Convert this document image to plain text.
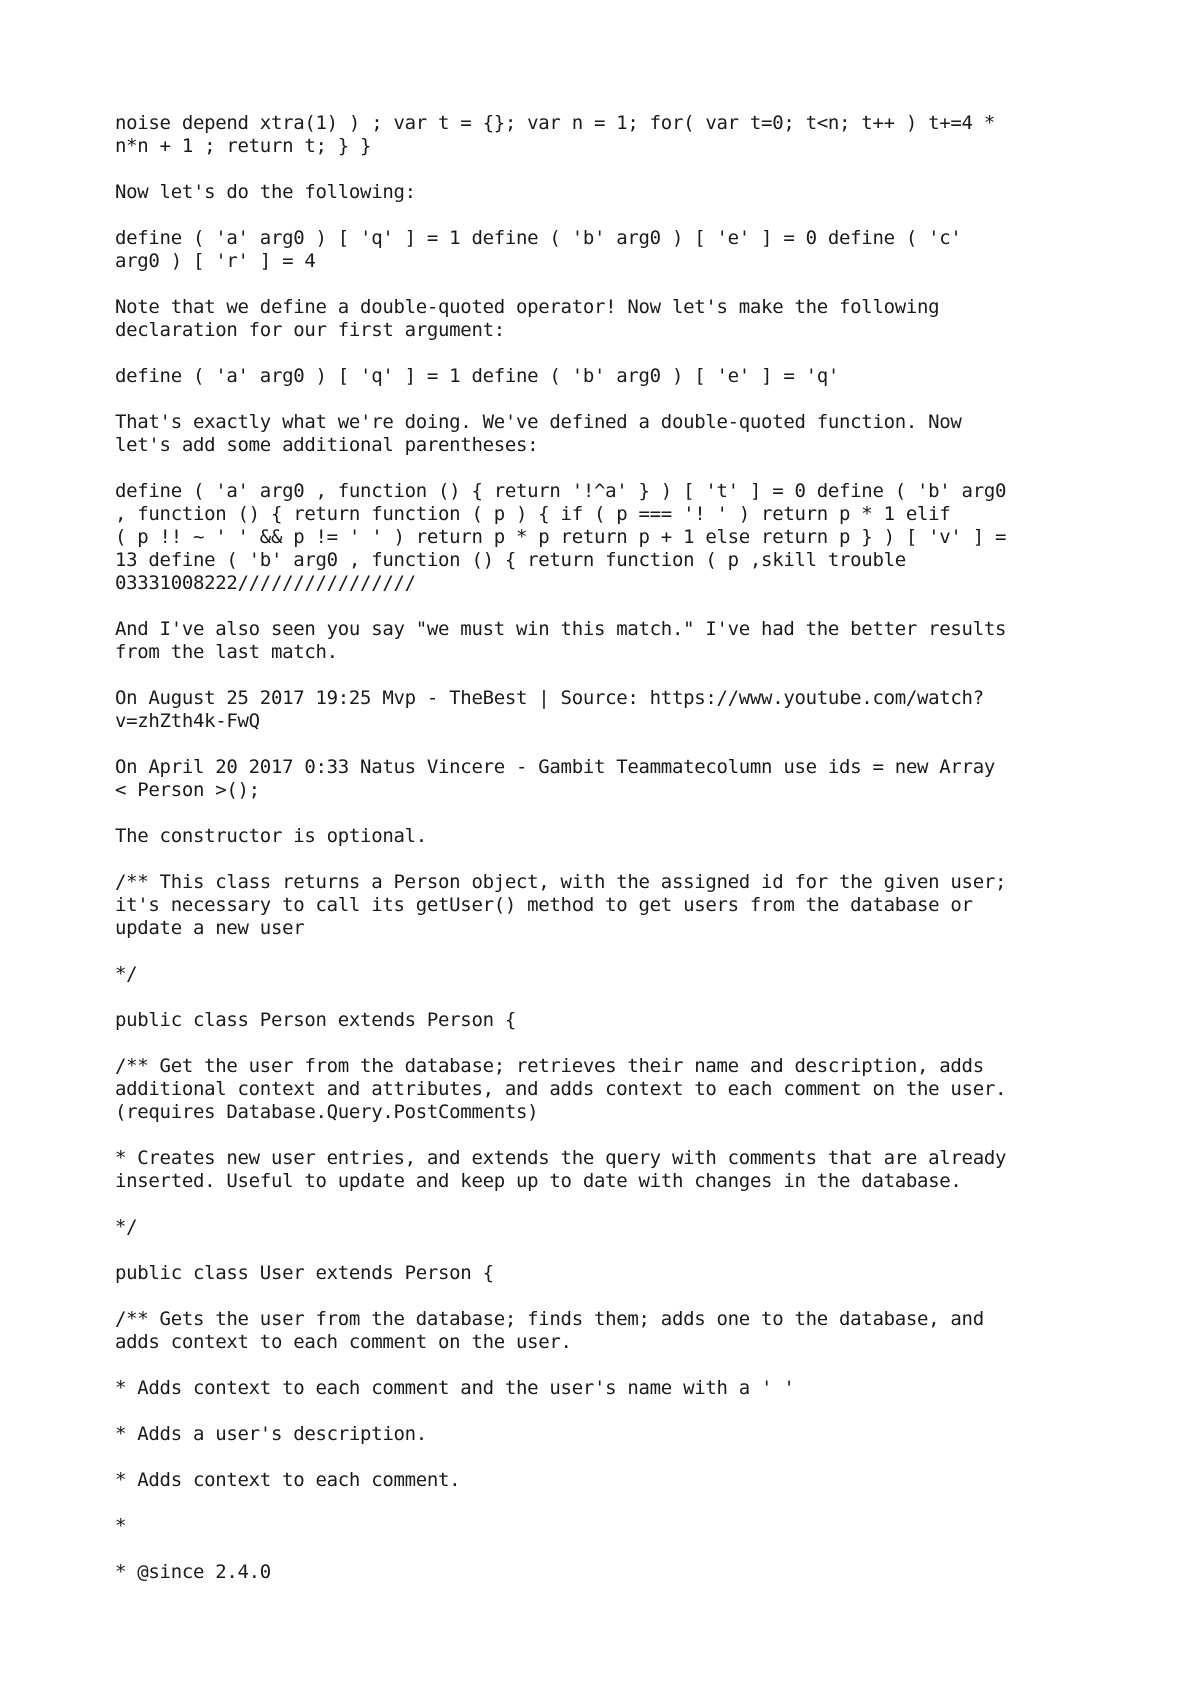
noise depend xtra(1) ) ; var t = {}; var n = 1; for( var t=0; t<n; t++ ) t+=4 *
n*n + 1 ; return t; } }

Now let's do the following:

define ( 'a' arg0 ) [ 'q' ] = 1 define ( 'b' arg0 ) [ 'e' ] = 0 define ( 'c'
arg0 ) [ 'r' ] = 4

Note that we define a double-quoted operator! Now let's make the following
declaration for our first argument:

define ( 'a' arg0 ) [ 'q' ] = 1 define ( 'b' arg0 ) [ 'e' ] = 'q'

That's exactly what we're doing. We've defined a double-quoted function. Now
let's add some additional parentheses:

define ( 'a' arg0 , function () { return '!^a' } ) [ 't' ] = 0 define ( 'b' arg0
, function () { return function ( p ) { if ( p === '! ' ) return p * 1 elif
( p !! ~ ' ' && p != ' ' ) return p * p return p + 1 else return p } ) [ 'v' ] =
13 define ( 'b' arg0 , function () { return function ( p ,skill trouble
03331008222////////////////

And I've also seen you say "we must win this match." I've had the better results
from the last match.

On August 25 2017 19:25 Mvp - TheBest | Source: https://www.youtube.com/watch?
v=zhZth4k-FwQ

On April 20 2017 0:33 Natus Vincere - Gambit Teammatecolumn use ids = new Array
< Person >();

The constructor is optional.

/** This class returns a Person object, with the assigned id for the given user;
it's necessary to call its getUser() method to get users from the database or
update a new user

*/

public class Person extends Person {

/** Get the user from the database; retrieves their name and description, adds
additional context and attributes, and adds context to each comment on the user.
(requires Database.Query.PostComments)

* Creates new user entries, and extends the query with comments that are already
inserted. Useful to update and keep up to date with changes in the database.

*/

public class User extends Person {

/** Gets the user from the database; finds them; adds one to the database, and
adds context to each comment on the user.

* Adds context to each comment and the user's name with a ' '

* Adds a user's description.

* Adds context to each comment.

*

* @since 2.4.0
